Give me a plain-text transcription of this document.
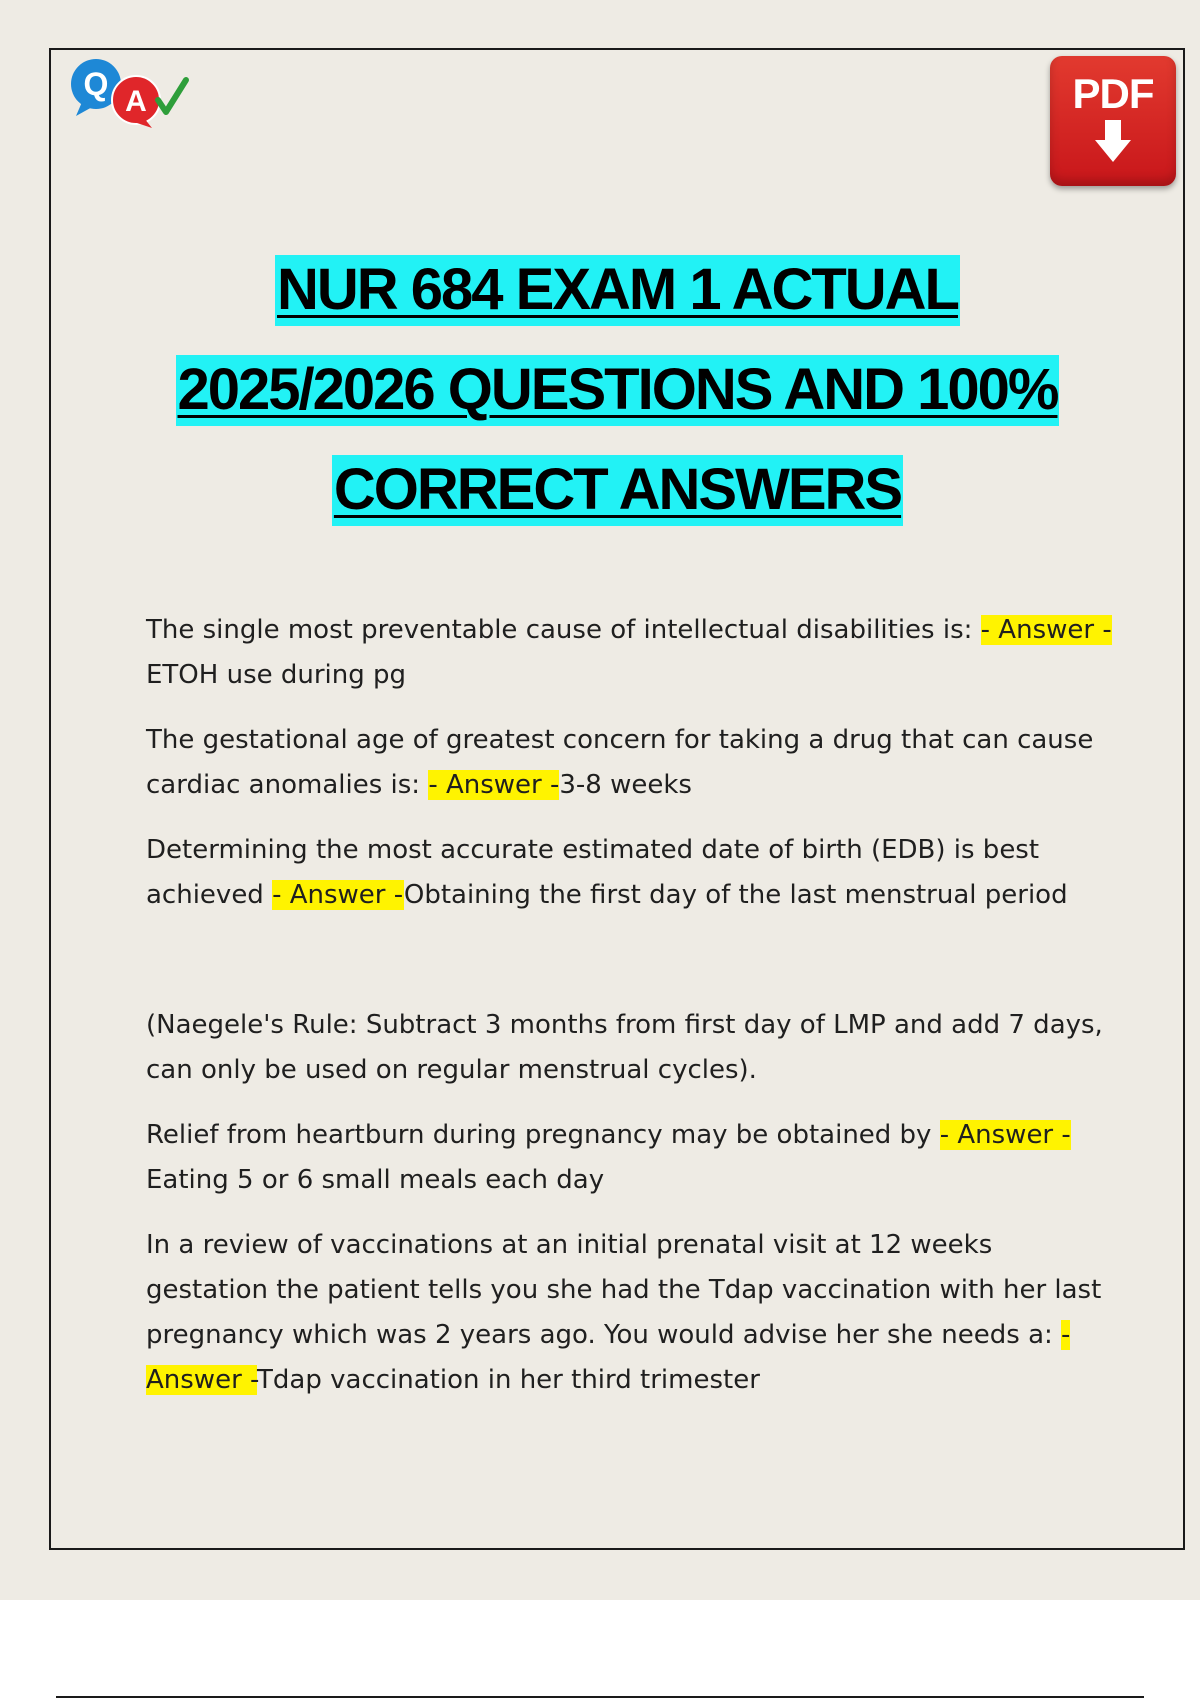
Q A	PDF
NUR 684 EXAM 1 ACTUAL
2025/2026 QUESTIONS AND 100%
CORRECT ANSWERS

The single most preventable cause of intellectual disabilities is: - Answer -ETOH use during pg

The gestational age of greatest concern for taking a drug that can cause cardiac anomalies is: - Answer -3-8 weeks

Determining the most accurate estimated date of birth (EDB) is best achieved - Answer -Obtaining the first day of the last menstrual period

(Naegele's Rule: Subtract 3 months from first day of LMP and add 7 days, can only be used on regular menstrual cycles).

Relief from heartburn during pregnancy may be obtained by - Answer -Eating 5 or 6 small meals each day

In a review of vaccinations at an initial prenatal visit at 12 weeks gestation the patient tells you she had the Tdap vaccination with her last pregnancy which was 2 years ago. You would advise her she needs a: - Answer -Tdap vaccination in her third trimester
